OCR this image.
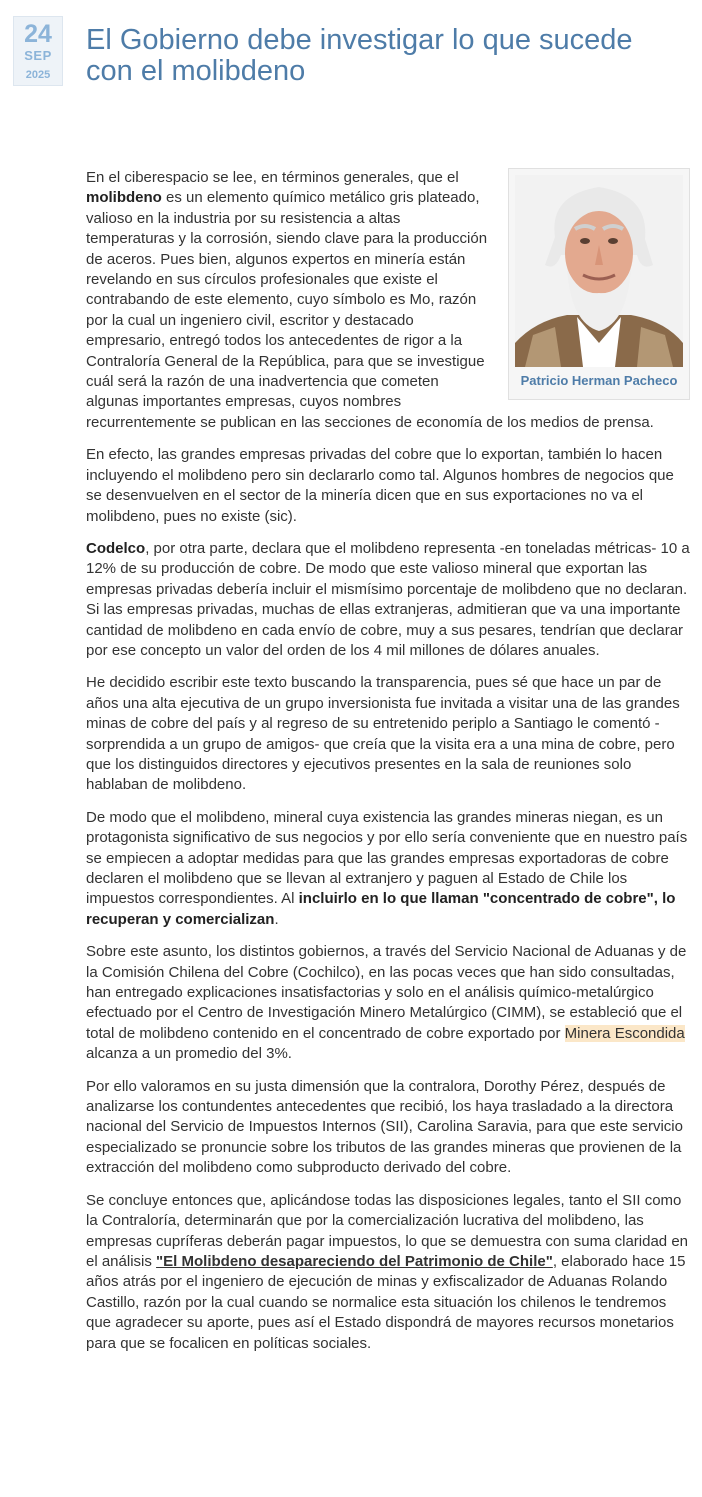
24
SEP
2025
El Gobierno debe investigar lo que sucede con el molibdeno
Patricio Herman Pacheco

En el ciberespacio se lee, en términos generales, que el molibdeno es un elemento químico metálico gris plateado, valioso en la industria por su resistencia a altas temperaturas y la corrosión, siendo clave para la producción de aceros. Pues bien, algunos expertos en minería están revelando en sus círculos profesionales que existe el contrabando de este elemento, cuyo símbolo es Mo, razón por la cual un ingeniero civil, escritor y destacado empresario, entregó todos los antecedentes de rigor a la Contraloría General de la República, para que se investigue cuál será la razón de una inadvertencia que cometen algunas importantes empresas, cuyos nombres recurrentemente se publican en las secciones de economía de los medios de prensa.

En efecto, las grandes empresas privadas del cobre que lo exportan, también lo hacen incluyendo el molibdeno pero sin declararlo como tal. Algunos hombres de negocios que se desenvuelven en el sector de la minería dicen que en sus exportaciones no va el molibdeno, pues no existe (sic).

Codelco, por otra parte, declara que el molibdeno representa -en toneladas métricas- 10 a 12% de su producción de cobre. De modo que este valioso mineral que exportan las empresas privadas debería incluir el mismísimo porcentaje de molibdeno que no declaran. Si las empresas privadas, muchas de ellas extranjeras, admitieran que va una importante cantidad de molibdeno en cada envío de cobre, muy a sus pesares, tendrían que declarar por ese concepto un valor del orden de los 4 mil millones de dólares anuales.

He decidido escribir este texto buscando la transparencia, pues sé que hace un par de años una alta ejecutiva de un grupo inversionista fue invitada a visitar una de las grandes minas de cobre del país y al regreso de su entretenido periplo a Santiago le comentó -sorprendida a un grupo de amigos- que creía que la visita era a una mina de cobre, pero que los distinguidos directores y ejecutivos presentes en la sala de reuniones solo hablaban de molibdeno.

De modo que el molibdeno, mineral cuya existencia las grandes mineras niegan, es un protagonista significativo de sus negocios y por ello sería conveniente que en nuestro país se empiecen a adoptar medidas para que las grandes empresas exportadoras de cobre declaren el molibdeno que se llevan al extranjero y paguen al Estado de Chile los impuestos correspondientes. Al incluirlo en lo que llaman "concentrado de cobre", lo recuperan y comercializan.

Sobre este asunto, los distintos gobiernos, a través del Servicio Nacional de Aduanas y de la Comisión Chilena del Cobre (Cochilco), en las pocas veces que han sido consultadas, han entregado explicaciones insatisfactorias y solo en el análisis químico-metalúrgico efectuado por el Centro de Investigación Minero Metalúrgico (CIMM), se estableció que el total de molibdeno contenido en el concentrado de cobre exportado por Minera Escondida alcanza a un promedio del 3%.

Por ello valoramos en su justa dimensión que la contralora, Dorothy Pérez, después de analizarse los contundentes antecedentes que recibió, los haya trasladado a la directora nacional del Servicio de Impuestos Internos (SII), Carolina Saravia, para que este servicio especializado se pronuncie sobre los tributos de las grandes mineras que provienen de la extracción del molibdeno como subproducto derivado del cobre.

Se concluye entonces que, aplicándose todas las disposiciones legales, tanto el SII como la Contraloría, determinarán que por la comercialización lucrativa del molibdeno, las empresas cupríferas deberán pagar impuestos, lo que se demuestra con suma claridad en el análisis "El Molibdeno desapareciendo del Patrimonio de Chile", elaborado hace 15 años atrás por el ingeniero de ejecución de minas y exfiscalizador de Aduanas Rolando Castillo, razón por la cual cuando se normalice esta situación los chilenos le tendremos que agradecer su aporte, pues así el Estado dispondrá de mayores recursos monetarios para que se focalicen en políticas sociales.
